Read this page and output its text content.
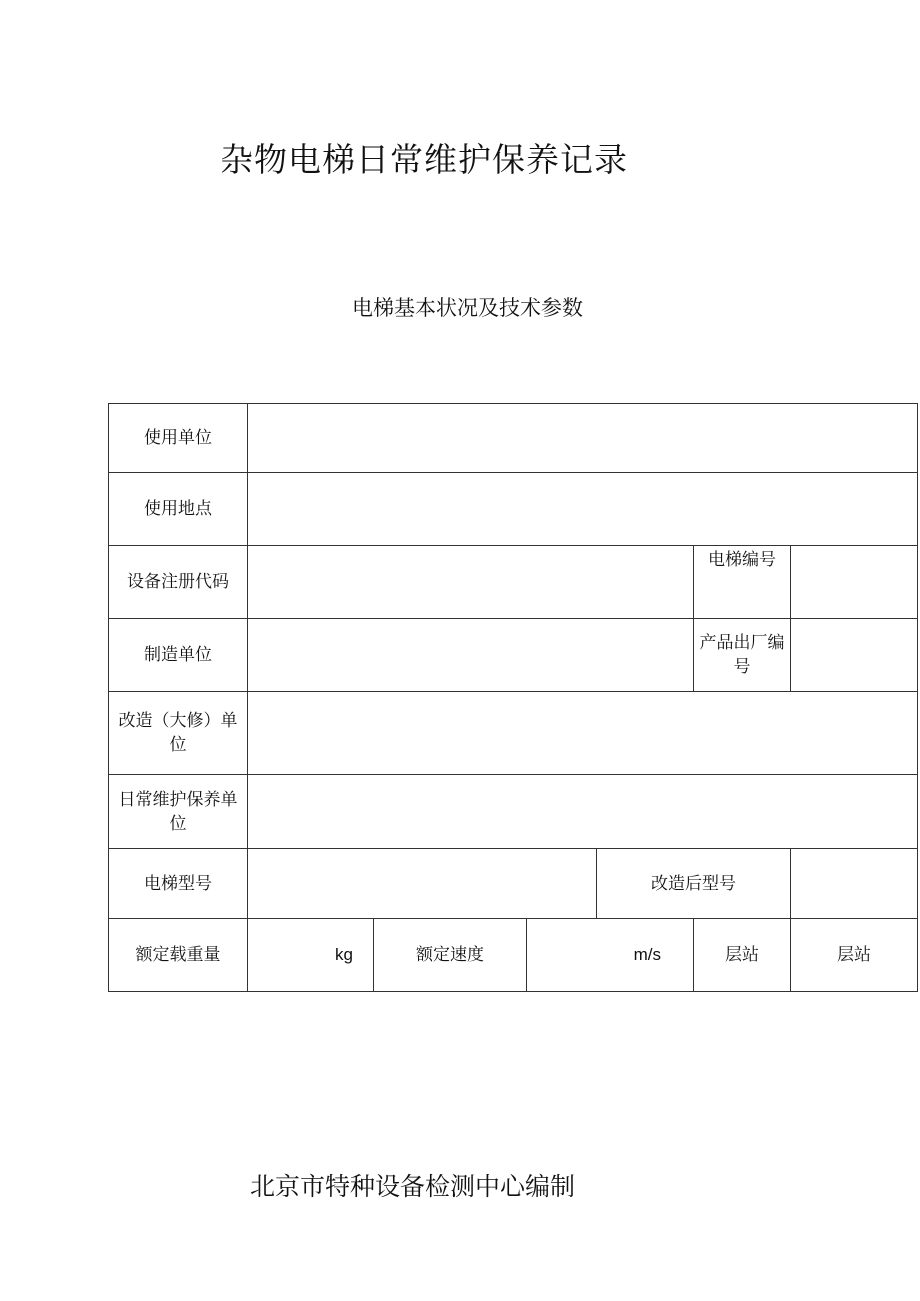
杂物电梯日常维护保养记录
电梯基本状况及技术参数
使用单位						
使用地点						
设备注册代码					电梯编号	
制造单位					产品出厂编号	

改造（大修）单
位						

日常维护保养单
位						

电梯型号				改造后型号		
额定载重量	kg	额定速度	m/s		层站	层站
北京市特种设备检测中心编制
